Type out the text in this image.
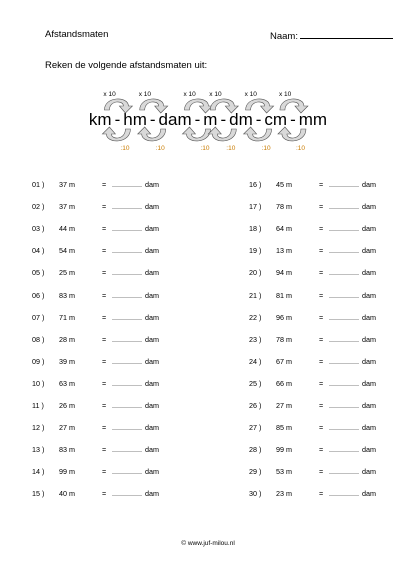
Afstandsmaten	Naam:
Reken de volgende afstandsmaten uit:
km - hm - dam - m - dm - cm - mm
x 10
:10
x 10
:10
x 10
:10
x 10
:10
x 10
:10
x 10
:10
01 )	37 m	= ............... dam
02 )	37 m	= ............... dam
03 )	44 m	= ............... dam
04 )	54 m	= ............... dam
05 )	25 m	= ............... dam
06 )	83 m	= ............... dam
07 )	71 m	= ............... dam
08 )	28 m	= ............... dam
09 )	39 m	= ............... dam
10 )	63 m	= ............... dam
11 )	26 m	= ............... dam
12 )	27 m	= ............... dam
13 )	83 m	= ............... dam
14 )	99 m	= ............... dam
15 )	40 m	= ............... dam
16 )	45 m	= ............... dam
17 )	78 m	= ............... dam
18 )	64 m	= ............... dam
19 )	13 m	= ............... dam
20 )	94 m	= ............... dam
21 )	81 m	= ............... dam
22 )	96 m	= ............... dam
23 )	78 m	= ............... dam
24 )	67 m	= ............... dam
25 )	66 m	= ............... dam
26 )	27 m	= ............... dam
27 )	85 m	= ............... dam
28 )	99 m	= ............... dam
29 )	53 m	= ............... dam
30 )	23 m	= ............... dam
© www.juf-milou.nl
